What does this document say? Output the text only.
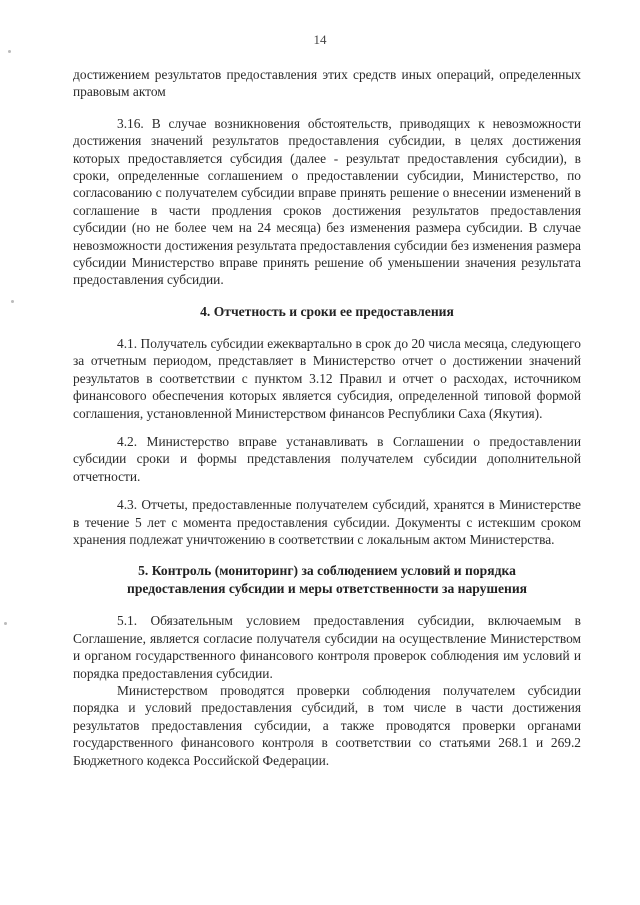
14

достижением результатов предоставления этих средств иных операций, определенных правовым актом

3.16. В случае возникновения обстоятельств, приводящих к невозможности достижения значений результатов предоставления субсидии, в целях достижения которых предоставляется субсидия (далее - результат предоставления субсидии), в сроки, определенные соглашением о предоставлении субсидии, Министерство, по согласованию с получателем субсидии вправе принять решение о внесении изменений в соглашение в части продления сроков достижения результатов предоставления субсидии (но не более чем на 24 месяца) без изменения размера субсидии. В случае невозможности достижения результата предоставления субсидии без изменения размера субсидии Министерство вправе принять решение об уменьшении значения результата предоставления субсидии.

4. Отчетность и сроки ее предоставления

4.1. Получатель субсидии ежеквартально в срок до 20 числа месяца, следующего за отчетным периодом, представляет в Министерство отчет о достижении значений результатов в соответствии с пунктом 3.12 Правил и отчет о расходах, источником финансового обеспечения которых является субсидия, определенной типовой формой соглашения, установленной Министерством финансов Республики Саха (Якутия).

4.2. Министерство вправе устанавливать в Соглашении о предоставлении субсидии сроки и формы представления получателем субсидии дополнительной отчетности.

4.3. Отчеты, предоставленные получателем субсидий, хранятся в Министерстве в течение 5 лет с момента предоставления субсидии. Документы с истекшим сроком хранения подлежат уничтожению в соответствии с локальным актом Министерства.

5. Контроль (мониторинг) за соблюдением условий и порядка
предоставления субсидии и меры ответственности за нарушения

5.1. Обязательным условием предоставления субсидии, включаемым в Соглашение, является согласие получателя субсидии на осуществление Министерством и органом государственного финансового контроля проверок соблюдения им условий и порядка предоставления субсидии.

Министерством проводятся проверки соблюдения получателем субсидии порядка и условий предоставления субсидий, в том числе в части достижения результатов предоставления субсидии, а также проводятся проверки органами государственного финансового контроля в соответствии со статьями 268.1 и 269.2 Бюджетного кодекса Российской Федерации.
